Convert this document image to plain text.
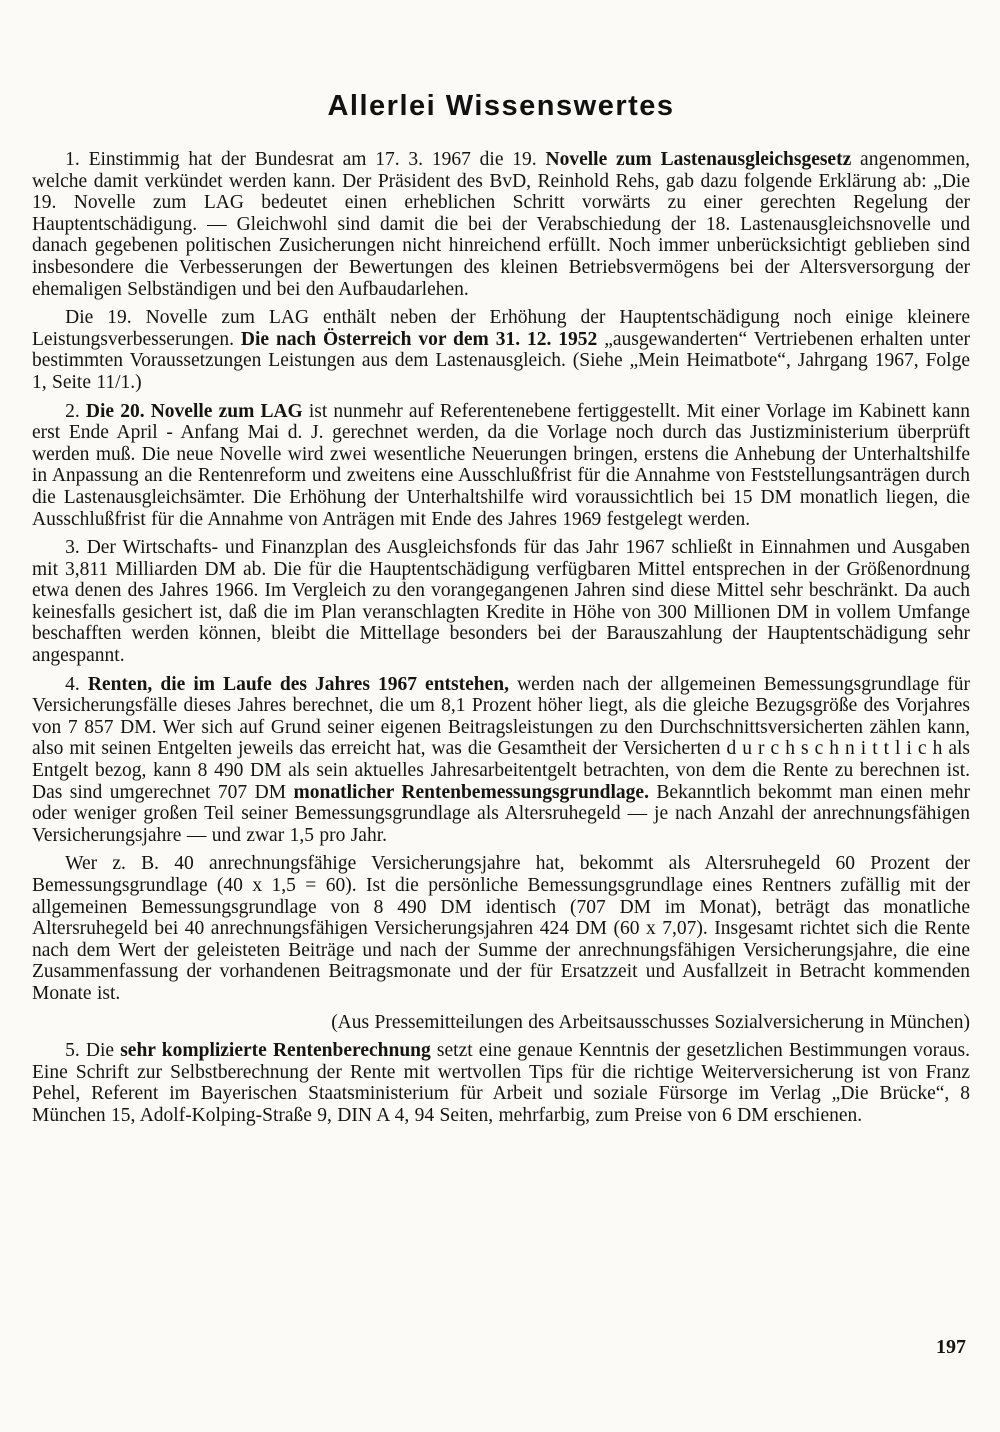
Allerlei Wissenswertes

1. Einstimmig hat der Bundesrat am 17. 3. 1967 die 19. Novelle zum Lastenausgleichsgesetz angenommen, welche damit verkündet werden kann. Der Präsident des BvD, Reinhold Rehs, gab dazu folgende Erklärung ab: „Die 19. Novelle zum LAG bedeutet einen erheblichen Schritt vorwärts zu einer gerechten Regelung der Hauptentschädigung. — Gleichwohl sind damit die bei der Verabschiedung der 18. Lastenausgleichsnovelle und danach gegebenen politischen Zusicherungen nicht hinreichend erfüllt. Noch immer unberücksichtigt geblieben sind insbesondere die Verbesserungen der Bewertungen des kleinen Betriebsvermögens bei der Altersversorgung der ehemaligen Selbständigen und bei den Aufbaudarlehen.

Die 19. Novelle zum LAG enthält neben der Erhöhung der Hauptentschädigung noch einige kleinere Leistungsverbesserungen. Die nach Österreich vor dem 31. 12. 1952 „ausgewanderten“ Vertriebenen erhalten unter bestimmten Voraussetzungen Leistungen aus dem Lastenausgleich. (Siehe „Mein Heimatbote“, Jahrgang 1967, Folge 1, Seite 11/1.)

2. Die 20. Novelle zum LAG ist nunmehr auf Referentenebene fertiggestellt. Mit einer Vorlage im Kabinett kann erst Ende April - Anfang Mai d. J. gerechnet werden, da die Vorlage noch durch das Justizministerium überprüft werden muß. Die neue Novelle wird zwei wesentliche Neuerungen bringen, erstens die Anhebung der Unterhaltshilfe in Anpassung an die Rentenreform und zweitens eine Ausschlußfrist für die Annahme von Feststellungsanträgen durch die Lastenausgleichsämter. Die Erhöhung der Unterhaltshilfe wird voraussichtlich bei 15 DM monatlich liegen, die Ausschlußfrist für die Annahme von Anträgen mit Ende des Jahres 1969 festgelegt werden.

3. Der Wirtschafts- und Finanzplan des Ausgleichsfonds für das Jahr 1967 schließt in Einnahmen und Ausgaben mit 3,811 Milliarden DM ab. Die für die Hauptentschädigung verfügbaren Mittel entsprechen in der Größenordnung etwa denen des Jahres 1966. Im Vergleich zu den vorangegangenen Jahren sind diese Mittel sehr beschränkt. Da auch keinesfalls gesichert ist, daß die im Plan veranschlagten Kredite in Höhe von 300 Millionen DM in vollem Umfange beschafften werden können, bleibt die Mittellage besonders bei der Barauszahlung der Hauptentschädigung sehr angespannt.

4. Renten, die im Laufe des Jahres 1967 entstehen, werden nach der allgemeinen Bemessungsgrundlage für Versicherungsfälle dieses Jahres berechnet, die um 8,1 Prozent höher liegt, als die gleiche Bezugsgröße des Vorjahres von 7 857 DM. Wer sich auf Grund seiner eigenen Beitragsleistungen zu den Durchschnittsversicherten zählen kann, also mit seinen Entgelten jeweils das erreicht hat, was die Gesamtheit der Versicherten d u r c h s c h n i t t l i c h als Entgelt bezog, kann 8 490 DM als sein aktuelles Jahresarbeitentgelt betrachten, von dem die Rente zu berechnen ist. Das sind umgerechnet 707 DM monatlicher Rentenbemessungsgrundlage. Bekanntlich bekommt man einen mehr oder weniger großen Teil seiner Bemessungsgrundlage als Altersruhegeld — je nach Anzahl der anrechnungsfähigen Versicherungsjahre — und zwar 1,5 pro Jahr.

Wer z. B. 40 anrechnungsfähige Versicherungsjahre hat, bekommt als Altersruhegeld 60 Prozent der Bemessungsgrundlage (40 x 1,5 = 60). Ist die persönliche Bemessungsgrundlage eines Rentners zufällig mit der allgemeinen Bemessungsgrundlage von 8 490 DM identisch (707 DM im Monat), beträgt das monatliche Altersruhegeld bei 40 anrechnungsfähigen Versicherungsjahren 424 DM (60 x 7,07). Insgesamt richtet sich die Rente nach dem Wert der geleisteten Beiträge und nach der Summe der anrechnungsfähigen Versicherungsjahre, die eine Zusammenfassung der vorhandenen Beitragsmonate und der für Ersatzzeit und Ausfallzeit in Betracht kommenden Monate ist.

(Aus Pressemitteilungen des Arbeitsausschusses Sozialversicherung in München)

5. Die sehr komplizierte Rentenberechnung setzt eine genaue Kenntnis der gesetzlichen Bestimmungen voraus. Eine Schrift zur Selbstberechnung der Rente mit wertvollen Tips für die richtige Weiterversicherung ist von Franz Pehel, Referent im Bayerischen Staatsministerium für Arbeit und soziale Fürsorge im Verlag „Die Brücke“, 8 München 15, Adolf-Kolping-Straße 9, DIN A 4, 94 Seiten, mehrfarbig, zum Preise von 6 DM erschienen.

197
